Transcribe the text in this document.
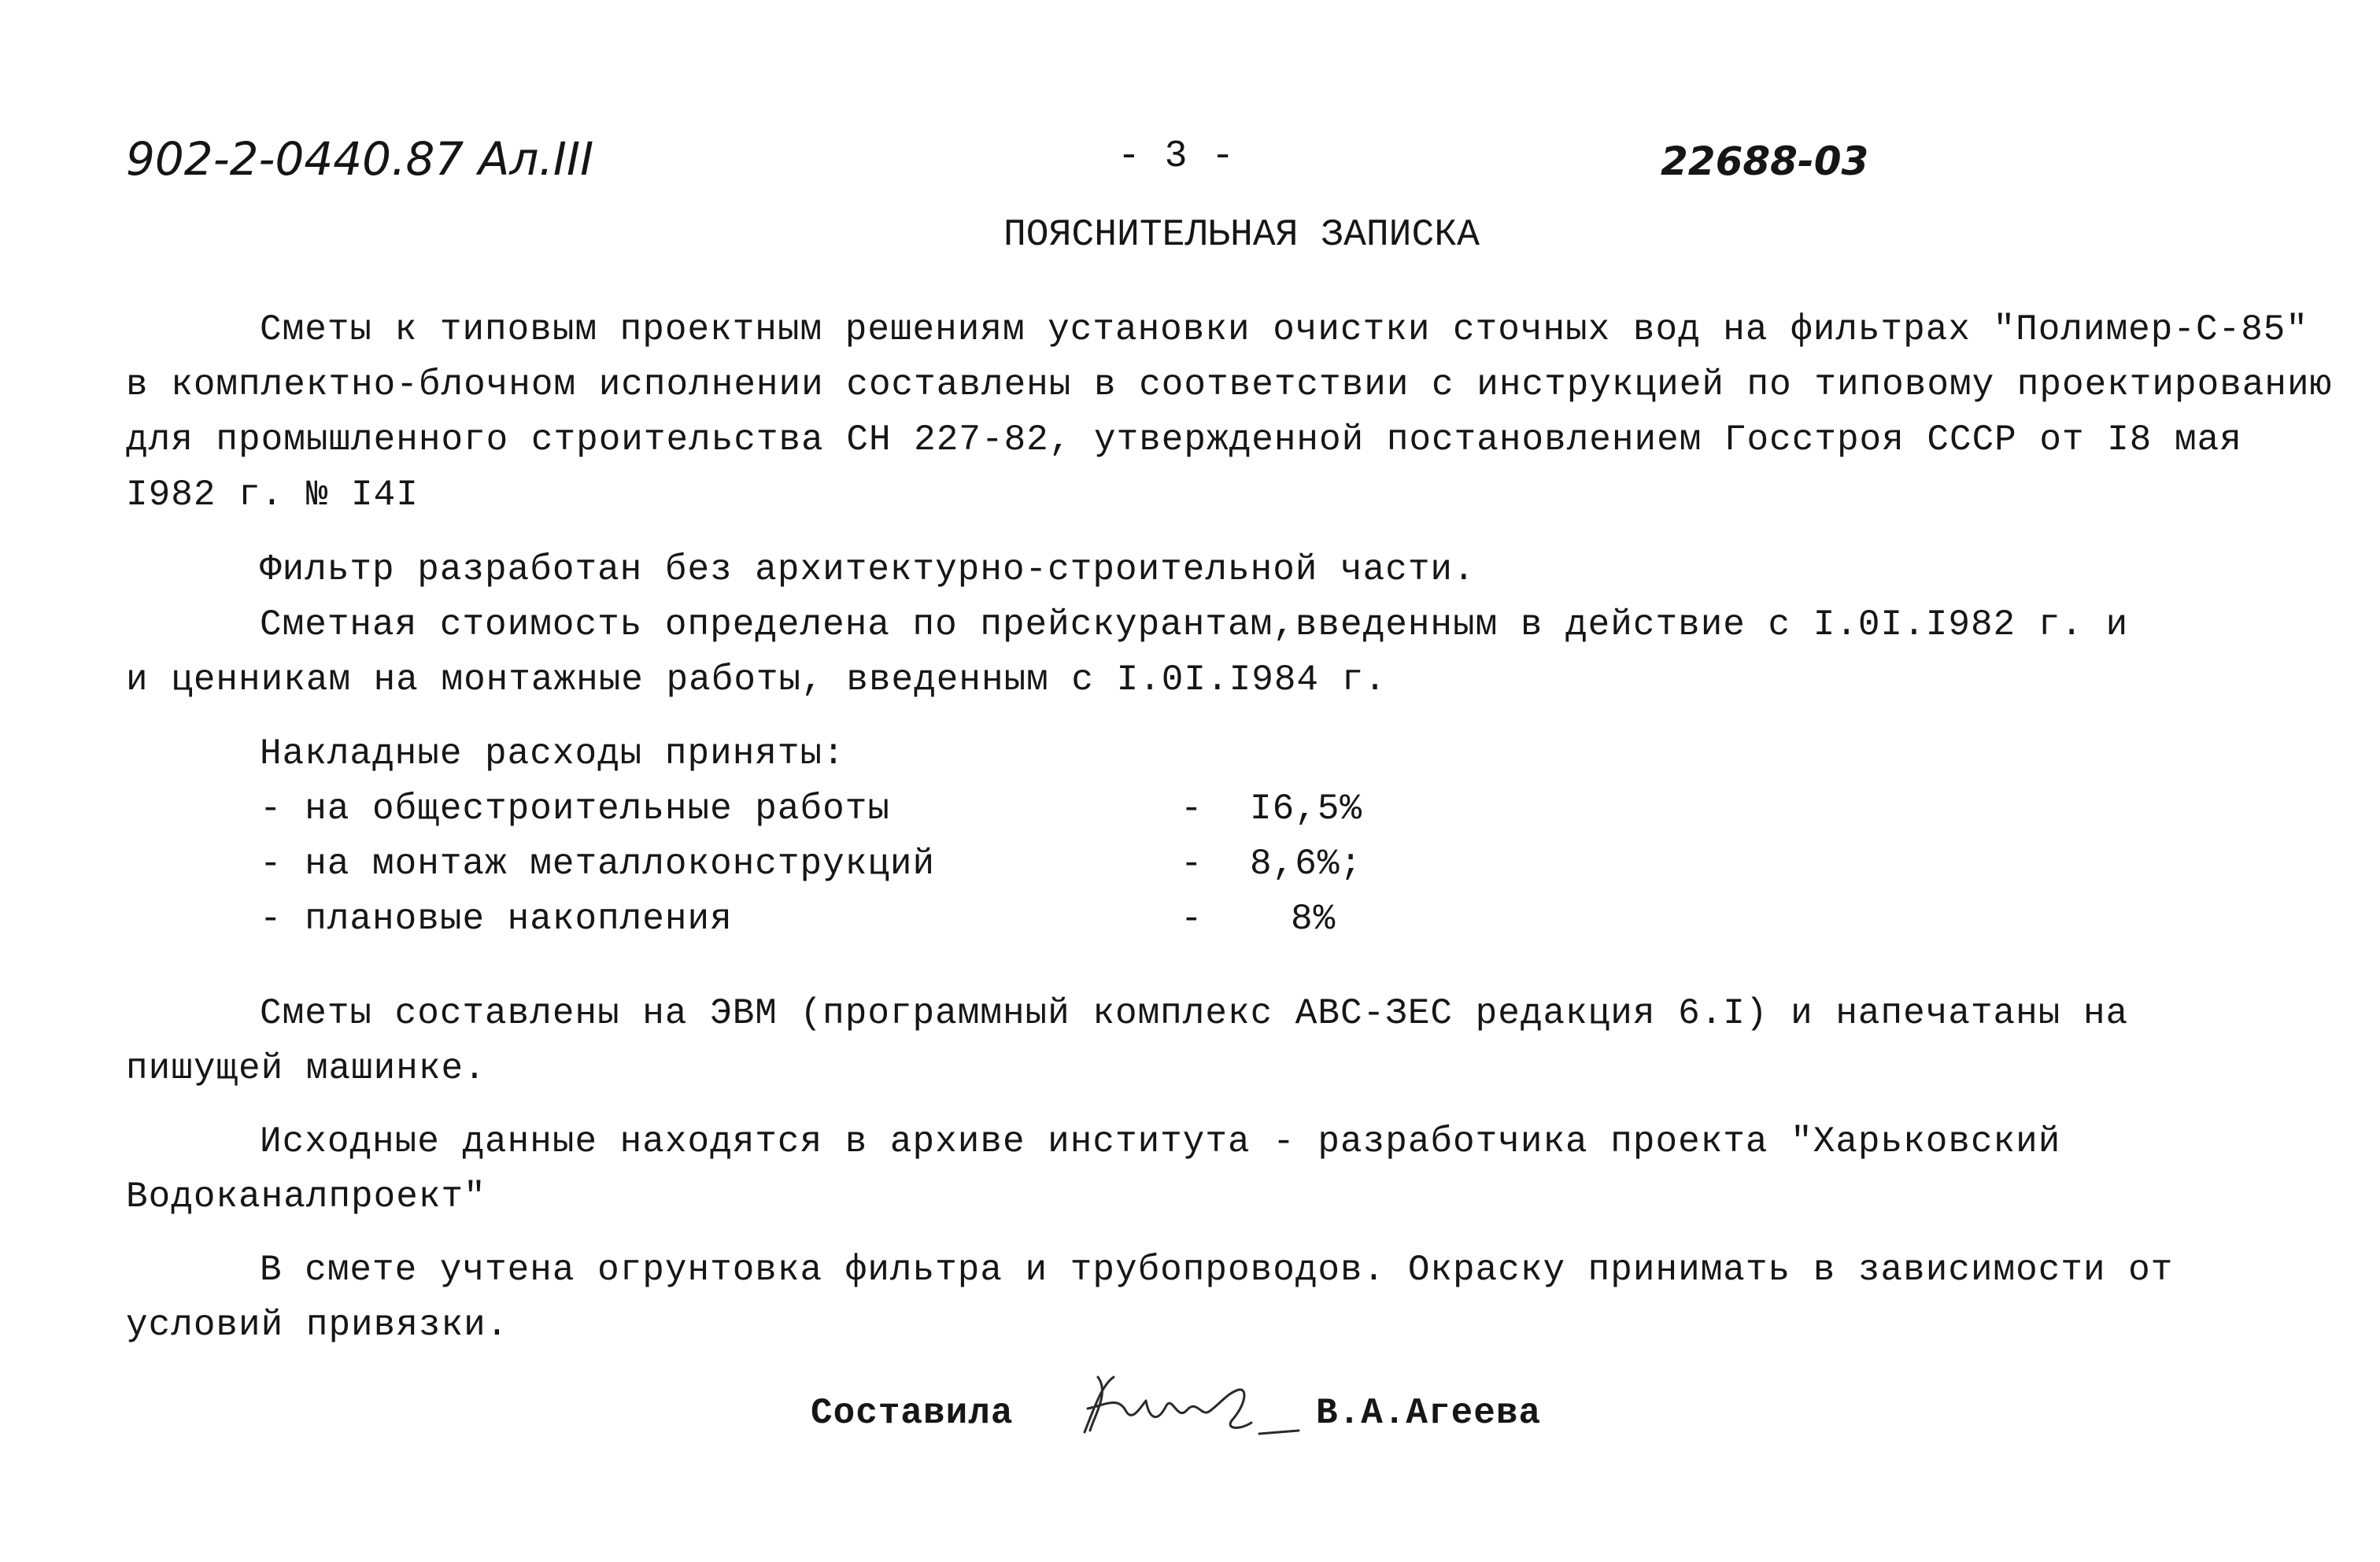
902-2-0440.87 Ал.III	- 3 -	22688-03
ПОЯСНИТЕЛЬНАЯ ЗАПИСКА
Сметы к типовым проектным решениям установки очистки сточных вод на фильтрах "Полимер-С-85"
в комплектно-блочном исполнении составлены в соответствии с инструкцией по типовому проектированию
для промышленного строительства СН 227-82, утвержденной постановлением Госстроя СССР от I8 мая
I982 г. № I4I
Фильтр разработан без архитектурно-строительной части.
Сметная стоимость определена по прейскурантам,введенным в действие с I.0I.I982 г. и
и ценникам на монтажные работы, введенным с I.0I.I984 г.
Накладные расходы приняты:
- на общестроительные работы	- I6,5%
- на монтаж металлоконструкций	- 8,6%;
- плановые накопления	- 8%
Сметы составлены на ЭВМ (программный комплекс АВС-ЗЕС редакция 6.I) и напечатаны на
пишущей машинке.
Исходные данные находятся в архиве института - разработчика проекта "Харьковский
Водоканалпроект"
В смете учтена огрунтовка фильтра и трубопроводов. Окраску принимать в зависимости от
условий привязки.
Составила	В.А.Агеева
